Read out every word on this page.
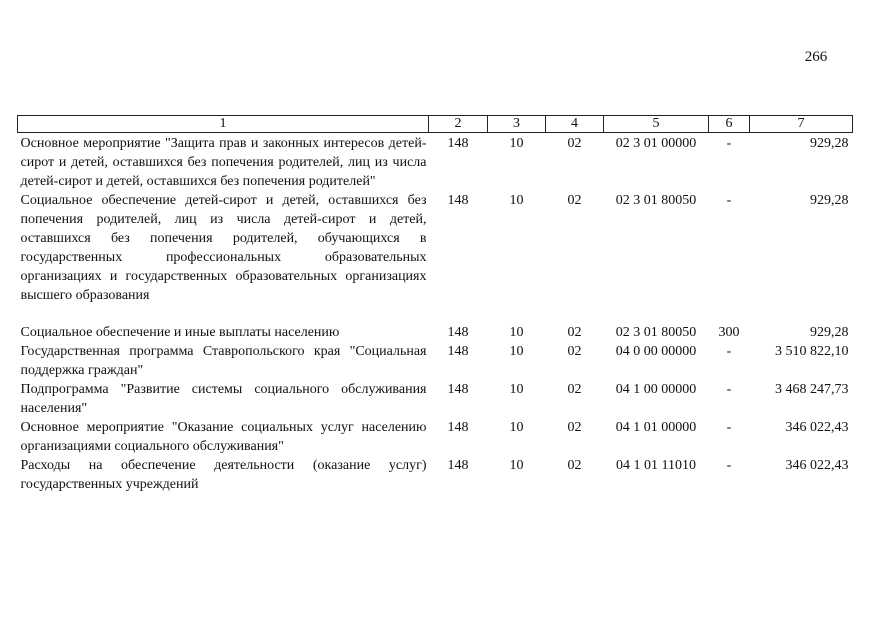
266
1	2	3	4	5	6	7
Основное мероприятие "Защита прав и законных интересов детей-сирот и детей, оставшихся без попечения родителей, лиц из числа детей-сирот и детей, оставшихся без попечения родителей"	148	10	02	02 3 01 00000	-	929,28
Социальное обеспечение детей-сирот и детей, оставшихся без попечения родителей, лиц из числа детей-сирот и детей, оставшихся без попечения родителей, обучающихся в государственных профессиональных образовательных организациях и государственных образовательных организациях высшего образования	148	10	02	02 3 01 80050	-	929,28
Социальное обеспечение и иные выплаты населению	148	10	02	02 3 01 80050	300	929,28
Государственная программа Ставропольского края "Социальная поддержка граждан"	148	10	02	04 0 00 00000	-	3 510 822,10
Подпрограмма "Развитие системы социального обслуживания населения"	148	10	02	04 1 00 00000	-	3 468 247,73
Основное мероприятие "Оказание социальных услуг населению организациями социального обслуживания"	148	10	02	04 1 01 00000	-	346 022,43
Расходы на обеспечение деятельности (оказание услуг) государственных учреждений	148	10	02	04 1 01 11010	-	346 022,43
